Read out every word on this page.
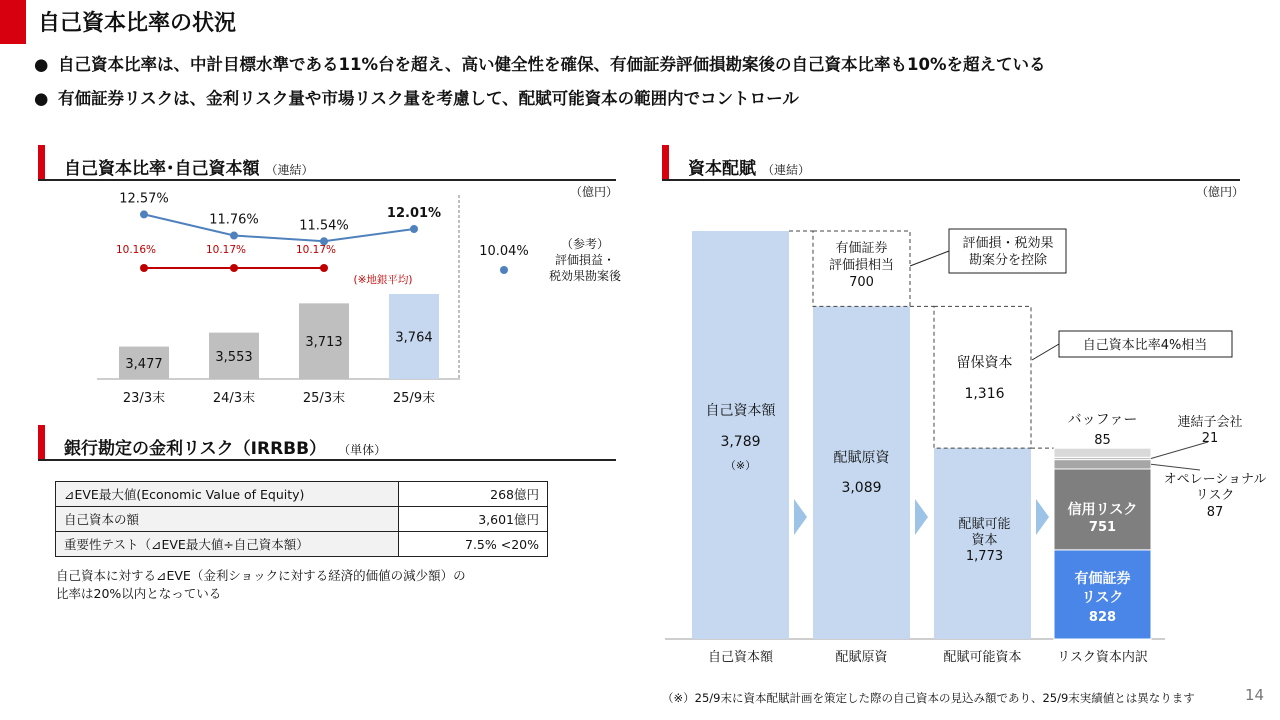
自己資本比率の状況
● 自己資本比率は、中計目標水準である11%台を超え、高い健全性を確保、有価証券評価損勘案後の自己資本比率も10%を超えている
● 有価証券リスクは、金利リスク量や市場リスク量を考慮して、配賦可能資本の範囲内でコントロール
自己資本比率･自己資本額 （連結）
（億円）
3,477
23/3末
3,553
24/3末
3,713
25/3末
3,764
25/9末
12.57%
11.76%	11.54%
12.01%
10.16%	10.17%	10.17%
(※地銀平均)
10.04%	（参考）
評価損益・
税効果勘案後
銀行勘定の金利リスク（IRRBB） （単体）
⊿EVE最大値(Economic Value of Equity)	268億円
自己資本の額	3,601億円
重要性テスト（⊿EVE最大値÷自己資本額）	7.5% <20%
自己資本に対する⊿EVE（金利ショックに対する経済的価値の減少額）の
比率は20%以内となっている
資本配賦 （連結）
（億円）
自己資本額
3,789
（※）
有価証券
評価損相当
700
配賦原資
3,089
留保資本
1,316
配賦可能
資本
1,773
有価証券
リスク
828
信用リスク
751
オペレーショナル
リスク
87
連結子会社
21
バッファー
85
評価損・税効果
勘案分を控除
自己資本比率4%相当
自己資本額	配賦原資	配賦可能資本	リスク資本内訳
（※）25/9末に資本配賦計画を策定した際の自己資本の見込み額であり、25/9末実績値とは異なります	14
